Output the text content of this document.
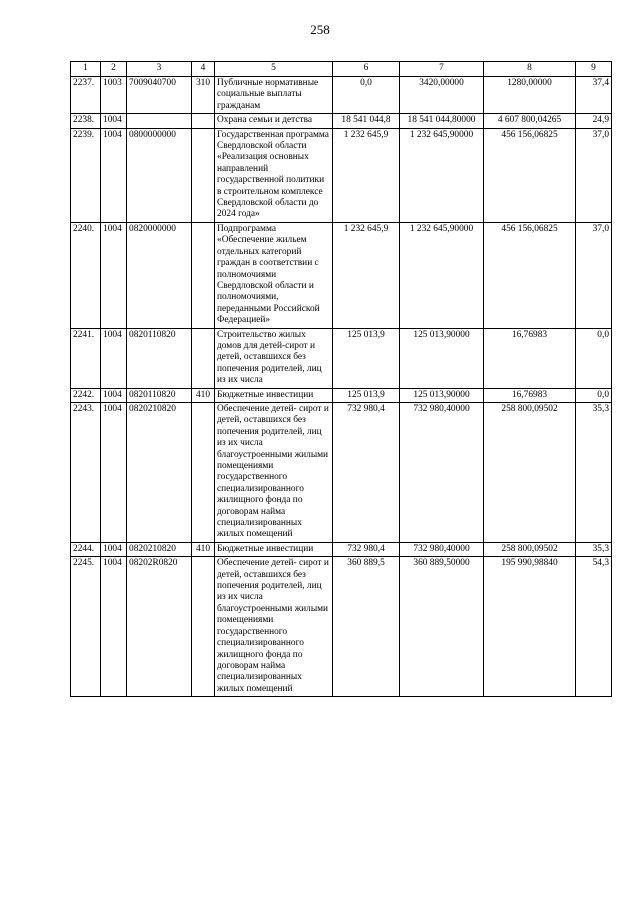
258
1	2	3	4	5	6	7	8	9
2237.	1003	7009040700	310	Публичные нормативные социальные выплаты гражданам	0,0	3420,00000	1280,00000	37,4
2238.	1004			Охрана семьи и детства	18 541 044,8	18 541 044,80000	4 607 800,04265	24,9
2239.	1004	0800000000		Государственная программа Свердловской области «Реализация основных направлений государственной политики в строительном комплексе Свердловской области до 2024 года»	1 232 645,9	1 232 645,90000	456 156,06825	37,0
2240.	1004	0820000000		Подпрограмма «Обеспечение жильем отдельных категорий граждан в соответствии с полномочиями Свердловской области и полномочиями, переданными Российской Федерацией»	1 232 645,9	1 232 645,90000	456 156,06825	37,0
2241.	1004	0820110820		Строительство жилых домов для детей-сирот и детей, оставшихся без попечения родителей, лиц из их числа	125 013,9	125 013,90000	16,76983	0,0
2242.	1004	0820110820	410	Бюджетные инвестиции	125 013,9	125 013,90000	16,76983	0,0
2243.	1004	0820210820		Обеспечение детей- сирот и детей, оставшихся без попечения родителей, лиц из их числа благоустроенными жилыми помещениями государственного специализированного жилищного фонда по договорам найма специализированных жилых помещений	732 980,4	732 980,40000	258 800,09502	35,3
2244.	1004	0820210820	410	Бюджетные инвестиции	732 980,4	732 980,40000	258 800,09502	35,3
2245.	1004	08202R0820		Обеспечение детей- сирот и детей, оставшихся без попечения родителей, лиц из их числа благоустроенными жилыми помещениями государственного специализированного жилищного фонда по договорам найма специализированных жилых помещений	360 889,5	360 889,50000	195 990,98840	54,3
